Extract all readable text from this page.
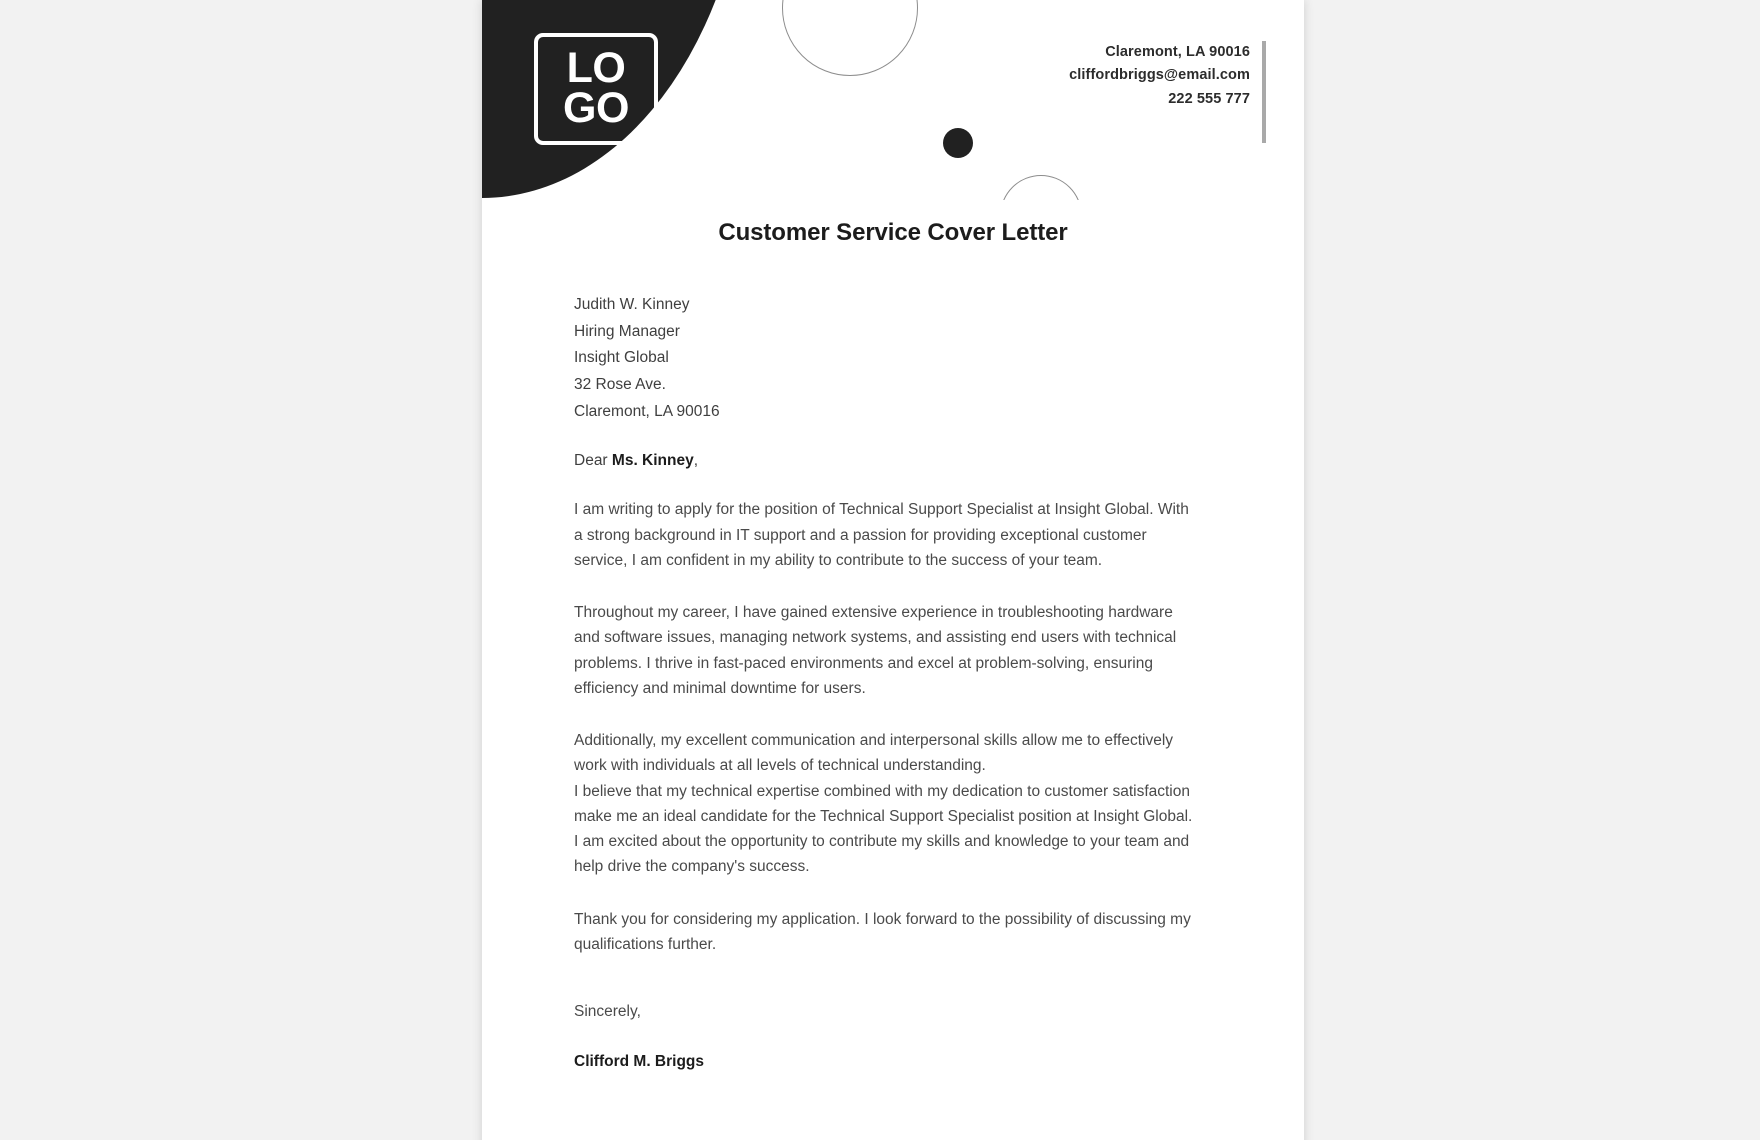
LO
GO
Claremont, LA 90016
cliffordbriggs@email.com
222 555 777
Customer Service Cover Letter
Judith W. Kinney
Hiring Manager
Insight Global
32 Rose Ave.
Claremont, LA 90016
Dear Ms. Kinney,

I am writing to apply for the position of Technical Support Specialist at Insight Global. With a strong background in IT support and a passion for providing exceptional customer service, I am confident in my ability to contribute to the success of your team.

Throughout my career, I have gained extensive experience in troubleshooting hardware and software issues, managing network systems, and assisting end users with technical problems. I thrive in fast-paced environments and excel at problem-solving, ensuring efficiency and minimal downtime for users.

Additionally, my excellent communication and interpersonal skills allow me to effectively work with individuals at all levels of technical understanding.

I believe that my technical expertise combined with my dedication to customer satisfaction make me an ideal candidate for the Technical Support Specialist position at Insight Global. I am excited about the opportunity to contribute my skills and knowledge to your team and help drive the company's success.

Thank you for considering my application. I look forward to the possibility of discussing my qualifications further.

Sincerely,
Clifford M. Briggs
